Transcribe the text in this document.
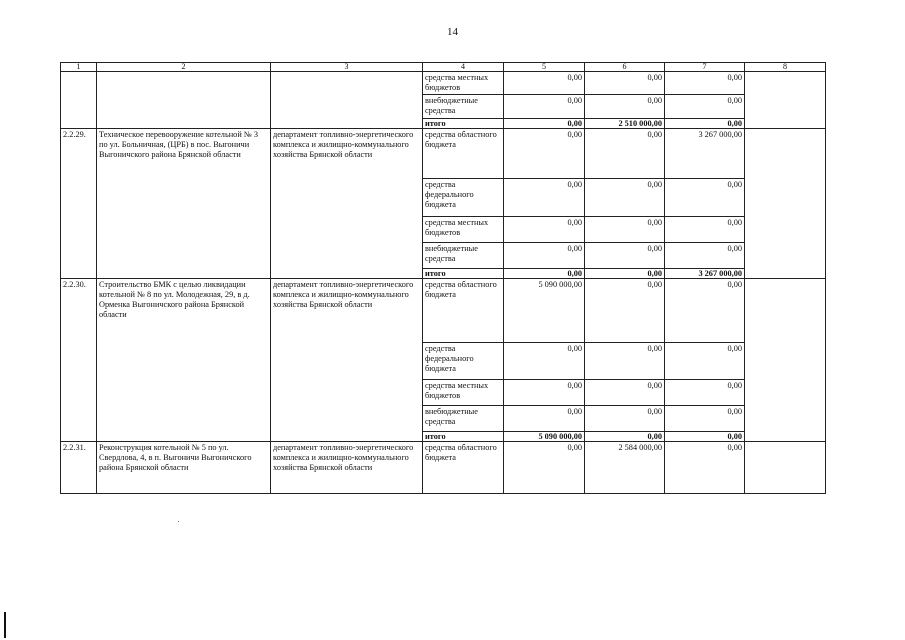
14
1	2	3	4	5	6	7	8
			средства местных бюджетов	0,00	0,00	0,00	
			внебюджетные средства	0,00	0,00	0,00	
			итого	0,00	2 510 000,00	0,00	
2.2.29.	Техническое перевооружение котельной № 3 по ул. Больничная, (ЦРБ) в пос. Выгоничи Выгоничского района Брянской области	департамент топливно-энергетического комплекса и жилищно-коммунального хозяйства Брянской области	средства областного бюджета	0,00	0,00	3 267 000,00	
			средства федерального бюджета	0,00	0,00	0,00	
			средства местных бюджетов	0,00	0,00	0,00	
			внебюджетные средства	0,00	0,00	0,00	
			итого	0,00	0,00	3 267 000,00	
2.2.30.	Строительство БМК с целью ликвидации котельной № 8 по ул. Молодежная, 29, в д. Орменка Выгоничского района Брянской области	департамент топливно-энергетического комплекса и жилищно-коммунального хозяйства Брянской области	средства областного бюджета	5 090 000,00	0,00	0,00	
			средства федерального бюджета	0,00	0,00	0,00	
			средства местных бюджетов	0,00	0,00	0,00	
			внебюджетные средства	0,00	0,00	0,00	
			итого	5 090 000,00	0,00	0,00	
2.2.31.	Реконструкция котельной № 5 по ул. Свердлова, 4, в п. Выгоничи Выгоничского района Брянской области	департамент топливно-энергетического комплекса и жилищно-коммунального хозяйства Брянской области	средства областного бюджета	0,00	2 584 000,00	0,00	
